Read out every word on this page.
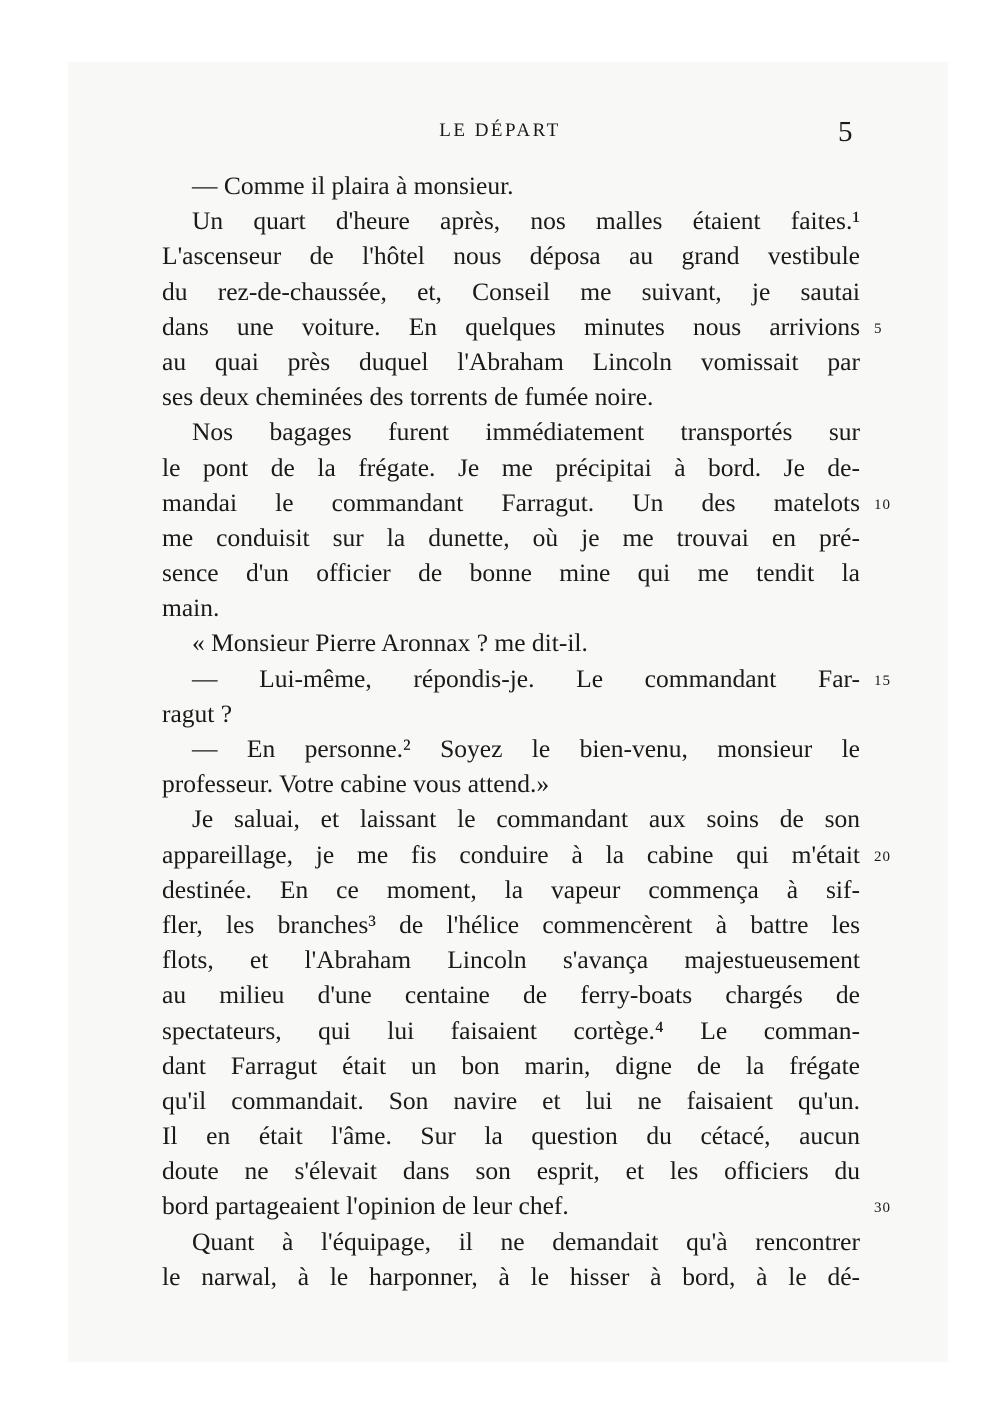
LE DÉPART	5
— Comme il plaira à monsieur.
Un quart d'heure après, nos malles étaient faites.¹
L'ascenseur de l'hôtel nous déposa au grand vestibule
du rez-de-chaussée, et, Conseil me suivant, je sautai
dans une voiture. En quelques minutes nous arrivions 5
au quai près duquel l'Abraham Lincoln vomissait par
ses deux cheminées des torrents de fumée noire.
Nos bagages furent immédiatement transportés sur
le pont de la frégate. Je me précipitai à bord. Je de-
mandai le commandant Farragut. Un des matelots 10
me conduisit sur la dunette, où je me trouvai en pré-
sence d'un officier de bonne mine qui me tendit la
main.
« Monsieur Pierre Aronnax ? me dit-il.
— Lui-même, répondis-je. Le commandant Far- 15
ragut ?
— En personne.² Soyez le bien-venu, monsieur le
professeur. Votre cabine vous attend.»
Je saluai, et laissant le commandant aux soins de son
appareillage, je me fis conduire à la cabine qui m'était 20
destinée. En ce moment, la vapeur commença à sif-
fler, les branches³ de l'hélice commencèrent à battre les
flots, et l'Abraham Lincoln s'avança majestueusement
au milieu d'une centaine de ferry-boats chargés de
spectateurs, qui lui faisaient cortège.⁴ Le comman-
dant Farragut était un bon marin, digne de la frégate
qu'il commandait. Son navire et lui ne faisaient qu'un.
Il en était l'âme. Sur la question du cétacé, aucun
doute ne s'élevait dans son esprit, et les officiers du
bord partageaient l'opinion de leur chef.	30
Quant à l'équipage, il ne demandait qu'à rencontrer
le narwal, à le harponner, à le hisser à bord, à le dé-
